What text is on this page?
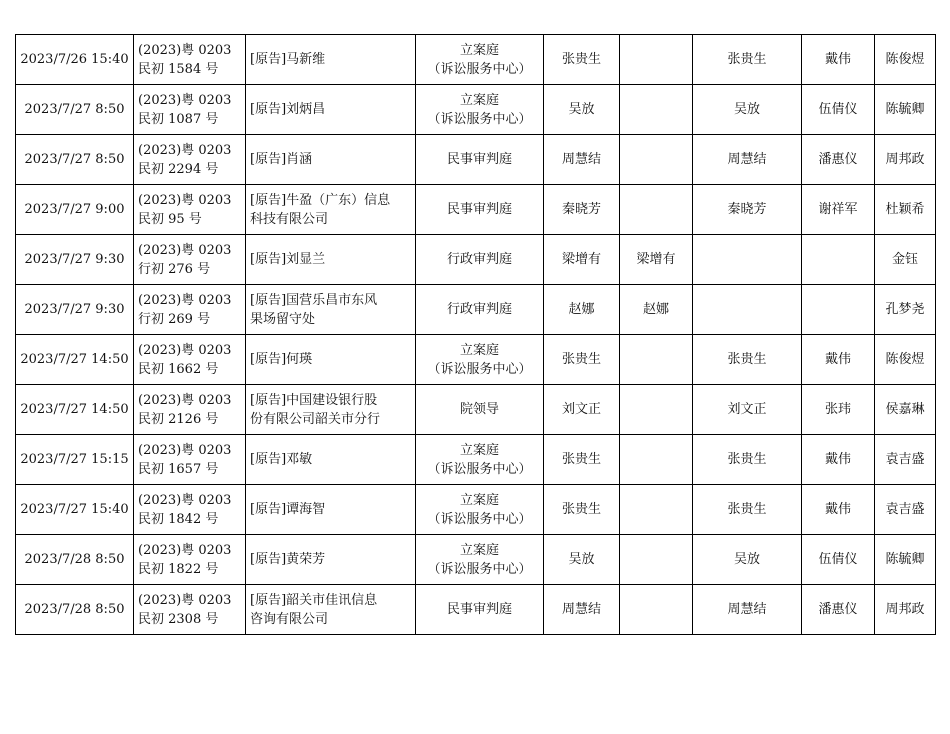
2023/7/26 15:40	(2023)粤 0203
民初 1584 号	[原告]马新维	立案庭
（诉讼服务中心）	张贵生		张贵生	戴伟	陈俊煜
2023/7/27 8:50	(2023)粤 0203
民初 1087 号	[原告]刘炳昌	立案庭
（诉讼服务中心）	吴放		吴放	伍倩仪	陈毓卿
2023/7/27 8:50	(2023)粤 0203
民初 2294 号	[原告]肖涵	民事审判庭	周慧结		周慧结	潘惠仪	周邦政
2023/7/27 9:00	(2023)粤 0203
民初 95 号	[原告]牛盈（广东）信息
科技有限公司	民事审判庭	秦晓芳		秦晓芳	谢祥军	杜颖希
2023/7/27 9:30	(2023)粤 0203
行初 276 号	[原告]刘显兰	行政审判庭	梁增有	梁增有			金钰
2023/7/27 9:30	(2023)粤 0203
行初 269 号	[原告]国营乐昌市东风
果场留守处	行政审判庭	赵娜	赵娜			孔梦尧
2023/7/27 14:50	(2023)粤 0203
民初 1662 号	[原告]何瑛	立案庭
（诉讼服务中心）	张贵生		张贵生	戴伟	陈俊煜
2023/7/27 14:50	(2023)粤 0203
民初 2126 号	[原告]中国建设银行股
份有限公司韶关市分行	院领导	刘文正		刘文正	张玮	侯嘉琳
2023/7/27 15:15	(2023)粤 0203
民初 1657 号	[原告]邓敏	立案庭
（诉讼服务中心）	张贵生		张贵生	戴伟	袁吉盛
2023/7/27 15:40	(2023)粤 0203
民初 1842 号	[原告]谭海智	立案庭
（诉讼服务中心）	张贵生		张贵生	戴伟	袁吉盛
2023/7/28 8:50	(2023)粤 0203
民初 1822 号	[原告]黄荣芳	立案庭
（诉讼服务中心）	吴放		吴放	伍倩仪	陈毓卿
2023/7/28 8:50	(2023)粤 0203
民初 2308 号	[原告]韶关市佳讯信息
咨询有限公司	民事审判庭	周慧结		周慧结	潘惠仪	周邦政
